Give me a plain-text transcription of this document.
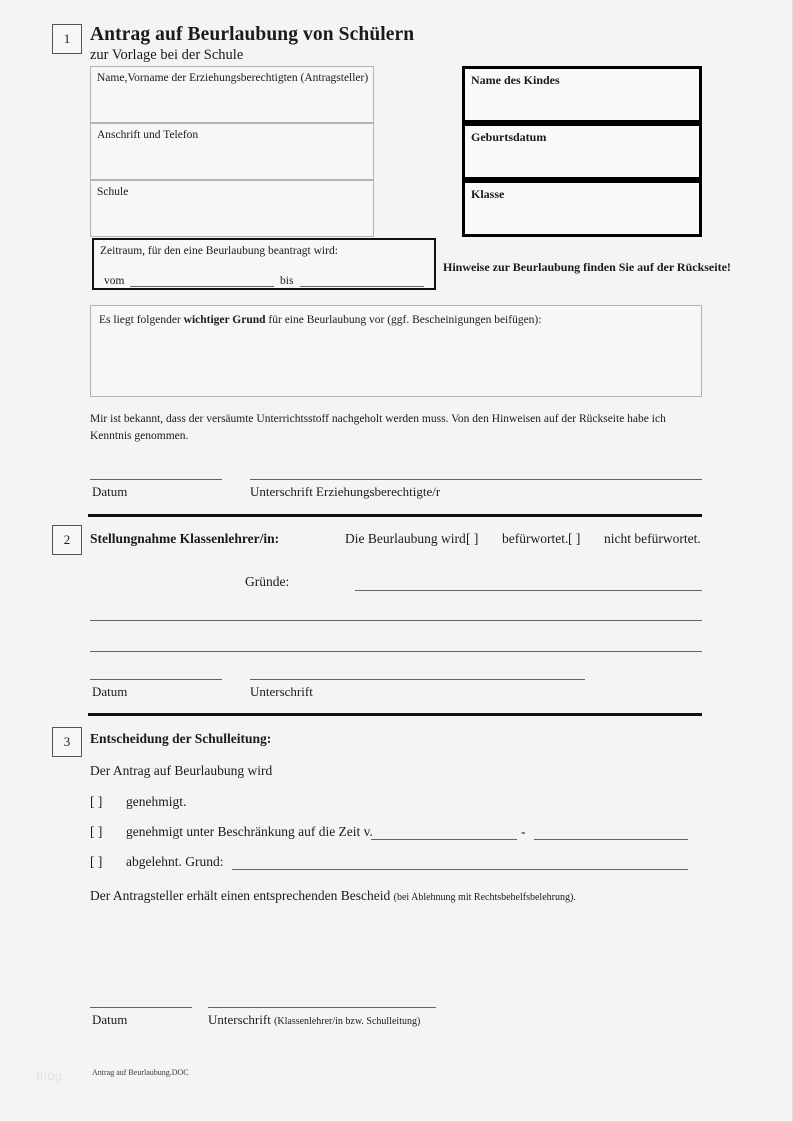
1	Antrag auf Beurlaubung von Schülern
zur Vorlage bei der Schule
Name,Vorname der Erziehungsberechtigten (Antragsteller)
Anschrift und Telefon
Schule
Name des Kindes
Geburtsdatum
Klasse
Zeitraum, für den eine Beurlaubung beantragt wird:
vom	bis
Hinweise zur Beurlaubung finden Sie auf der Rückseite!
Es liegt folgender wichtiger Grund für eine Beurlaubung vor (ggf. Bescheinigungen beifügen):
Mir ist bekannt, dass der versäumte Unterrichtsstoff nachgeholt werden muss. Von den Hinweisen auf der Rückseite habe ich Kenntnis genommen.
Datum	Unterschrift Erziehungsberechtigte/r
2	Stellungnahme Klassenlehrer/in:	Die Beurlaubung wird [ ] befürwortet. [ ] nicht befürwortet.
Gründe:
Datum	Unterschrift
3	Entscheidung der Schulleitung:
Der Antrag auf Beurlaubung wird
[ ] genehmigt.
[ ] genehmigt unter Beschränkung auf die Zeit v.	-
[ ] abgelehnt. Grund:
Der Antragsteller erhält einen entsprechenden Bescheid (bei Ablehnung mit Rechtsbehelfsbelehrung).
Datum	Unterschrift (Klassenlehrer/in bzw. Schulleitung)
blog	Antrag auf Beurlaubung.DOC
